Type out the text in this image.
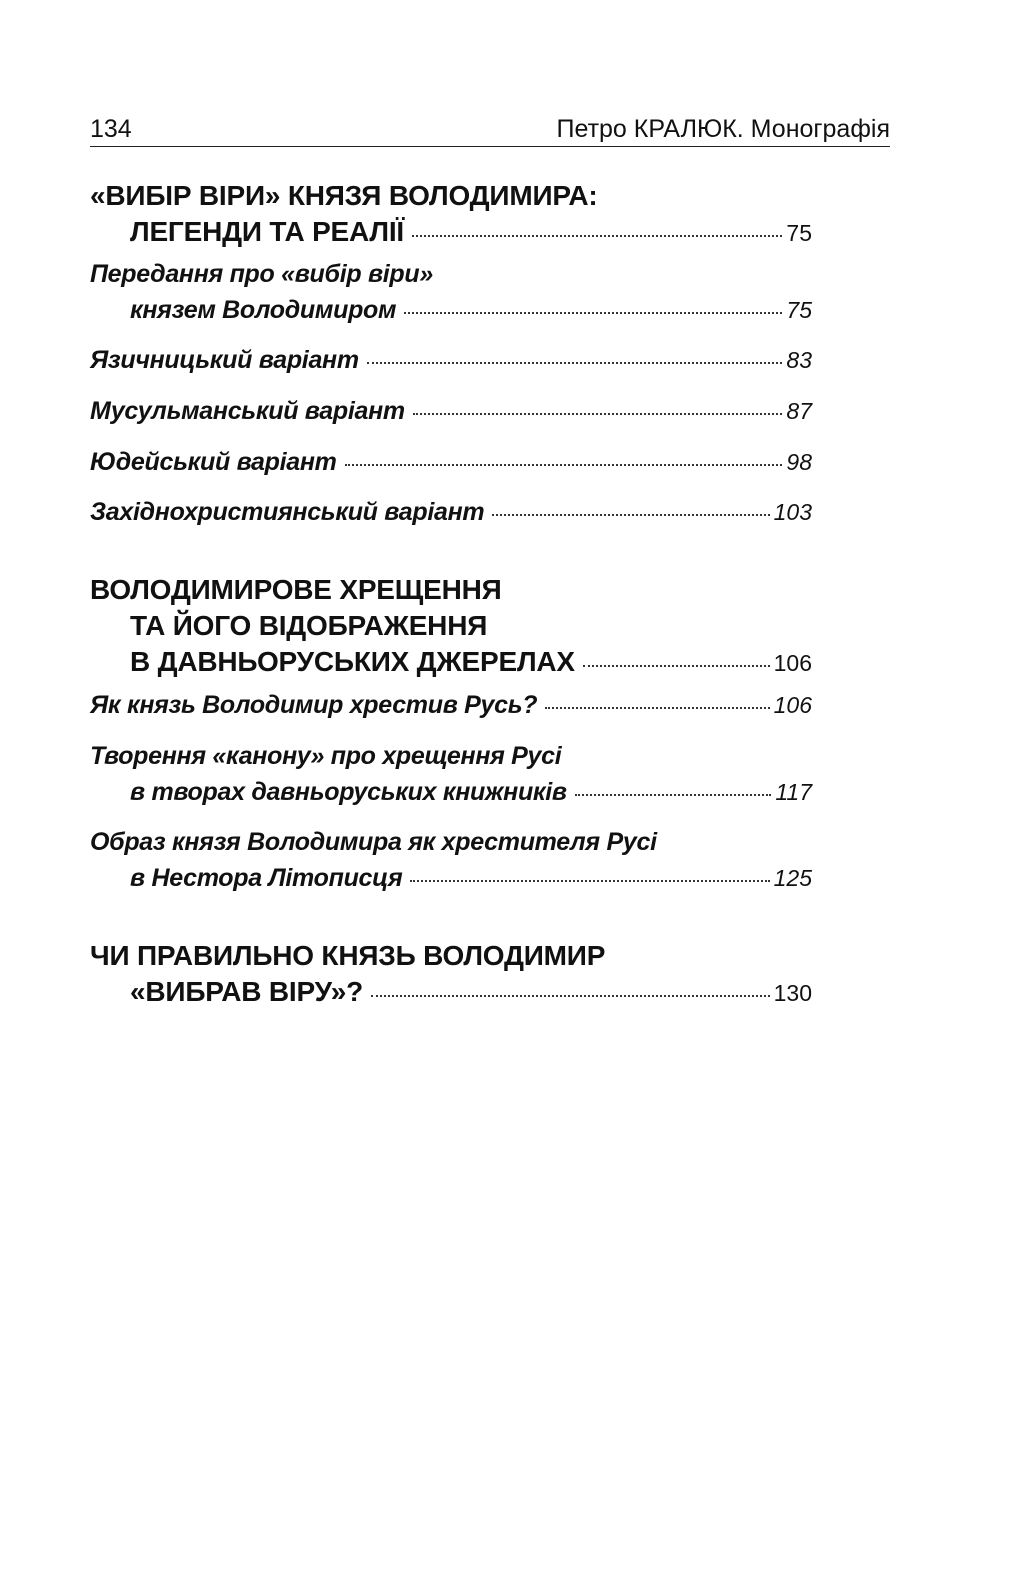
134	Петро КРАЛЮК. Монографія
«ВИБІР ВІРИ» КНЯЗЯ ВОЛОДИМИРА:
ЛЕГЕНДИ ТА РЕАЛІЇ	75
Передання про «вибір віри»
князем Володимиром	75
Язичницький варіант	83
Мусульманський варіант	87
Юдейський варіант	98
Західнохристиянський варіант	103
ВОЛОДИМИРОВЕ ХРЕЩЕННЯ
ТА ЙОГО ВІДОБРАЖЕННЯ
В ДАВНЬОРУСЬКИХ ДЖЕРЕЛАХ	106
Як князь Володимир хрестив Русь?	106
Творення «канону» про хрещення Русі
в творах давньоруських книжників	117
Образ князя Володимира як хрестителя Русі
в Нестора Літописця	125
ЧИ ПРАВИЛЬНО КНЯЗЬ ВОЛОДИМИР
«ВИБРАВ ВІРУ»?	130
